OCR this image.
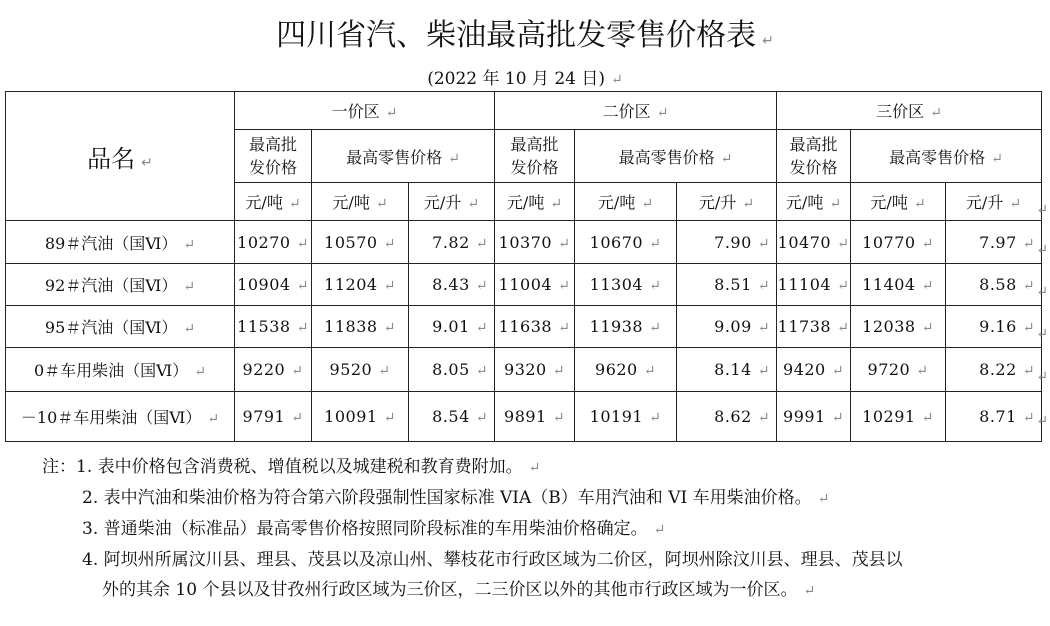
四川省汽、柴油最高批发零售价格表 ↵
(2022 年 10 月 24 日) ↵
品名 ↵	一价区 ↵			二价区 ↵			三价区 ↵		

	最高批
发价格	最高零售价格 ↵		最高批
发价格	最高零售价格 ↵		最高批
发价格	最高零售价格 ↵	
	元/吨 ↵	元/吨 ↵	元/升 ↵	元/吨 ↵	元/吨 ↵	元/升 ↵	元/吨 ↵	元/吨 ↵	元/升 ↵
89＃汽油（国Ⅵ） ↵	10270 ↵	10570 ↵	7.82 ↵	10370 ↵	10670 ↵	7.90 ↵	10470 ↵	10770 ↵	7.97 ↵
92＃汽油（国Ⅵ） ↵	10904 ↵	11204 ↵	8.43 ↵	11004 ↵	11304 ↵	8.51 ↵	11104 ↵	11404 ↵	8.58 ↵
95＃汽油（国Ⅵ） ↵	11538 ↵	11838 ↵	9.01 ↵	11638 ↵	11938 ↵	9.09 ↵	11738 ↵	12038 ↵	9.16 ↵
0＃车用柴油（国Ⅵ） ↵	9220 ↵	9520 ↵	8.05 ↵	9320 ↵	9620 ↵	8.14 ↵	9420 ↵	9720 ↵	8.22 ↵
－10＃车用柴油（国Ⅵ） ↵	9791 ↵	10091 ↵	8.54 ↵	9891 ↵	10191 ↵	8.62 ↵	9991 ↵	10291 ↵	8.71 ↵
↵
↵
↵
↵
↵
↵
注：1. 表中价格包含消费税、增值税以及城建税和教育费附加。 ↵
2. 表中汽油和柴油价格为符合第六阶段强制性国家标准 VIA（B）车用汽油和 VI 车用柴油价格。 ↵
3. 普通柴油（标准品）最高零售价格按照同阶段标准的车用柴油价格确定。 ↵
4. 阿坝州所属汶川县、理县、茂县以及凉山州、攀枝花市行政区域为二价区，阿坝州除汶川县、理县、茂县以
外的其余 10 个县以及甘孜州行政区域为三价区，二三价区以外的其他市行政区域为一价区。 ↵
